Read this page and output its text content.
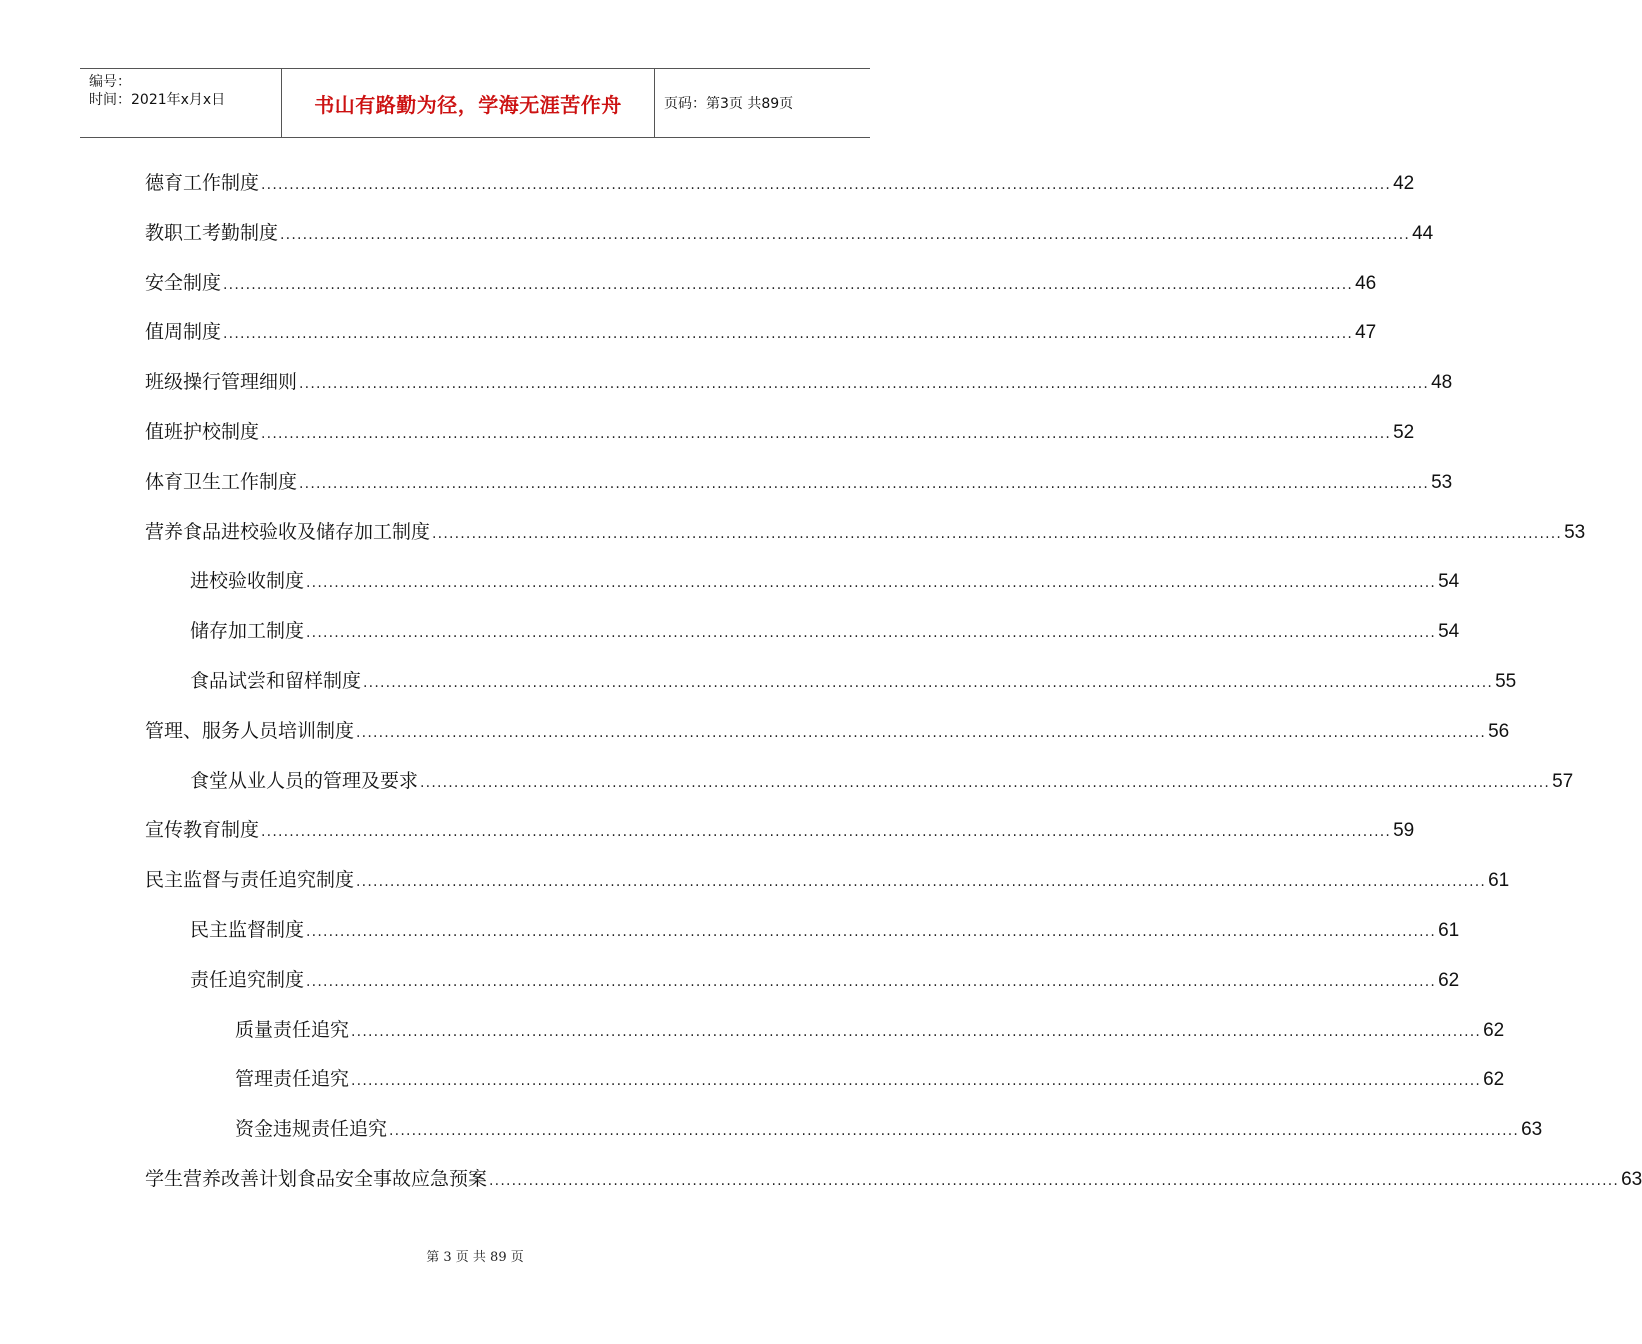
编号：
时间：2021年x月x日	书山有路勤为径，学海无涯苦作舟	页码：第3页 共89页
德育工作制度 ........................................................................................................................................................................................................ 42
教职工考勤制度 ........................................................................................................................................................................................................ 44
安全制度 ........................................................................................................................................................................................................ 46
值周制度 ........................................................................................................................................................................................................ 47
班级操行管理细则 ........................................................................................................................................................................................................ 48
值班护校制度 ........................................................................................................................................................................................................ 52
体育卫生工作制度 ........................................................................................................................................................................................................ 53
营养食品进校验收及储存加工制度 ........................................................................................................................................................................................................ 53
进校验收制度 ........................................................................................................................................................................................................ 54
储存加工制度 ........................................................................................................................................................................................................ 54
食品试尝和留样制度 ........................................................................................................................................................................................................ 55
管理、服务人员培训制度 ........................................................................................................................................................................................................ 56
食堂从业人员的管理及要求 ........................................................................................................................................................................................................ 57
宣传教育制度 ........................................................................................................................................................................................................ 59
民主监督与责任追究制度 ........................................................................................................................................................................................................ 61
民主监督制度 ........................................................................................................................................................................................................ 61
责任追究制度 ........................................................................................................................................................................................................ 62
质量责任追究 ........................................................................................................................................................................................................ 62
管理责任追究 ........................................................................................................................................................................................................ 62
资金违规责任追究 ........................................................................................................................................................................................................ 63
学生营养改善计划食品安全事故应急预案 ........................................................................................................................................................................................................ 63
第 3 页 共 89 页
